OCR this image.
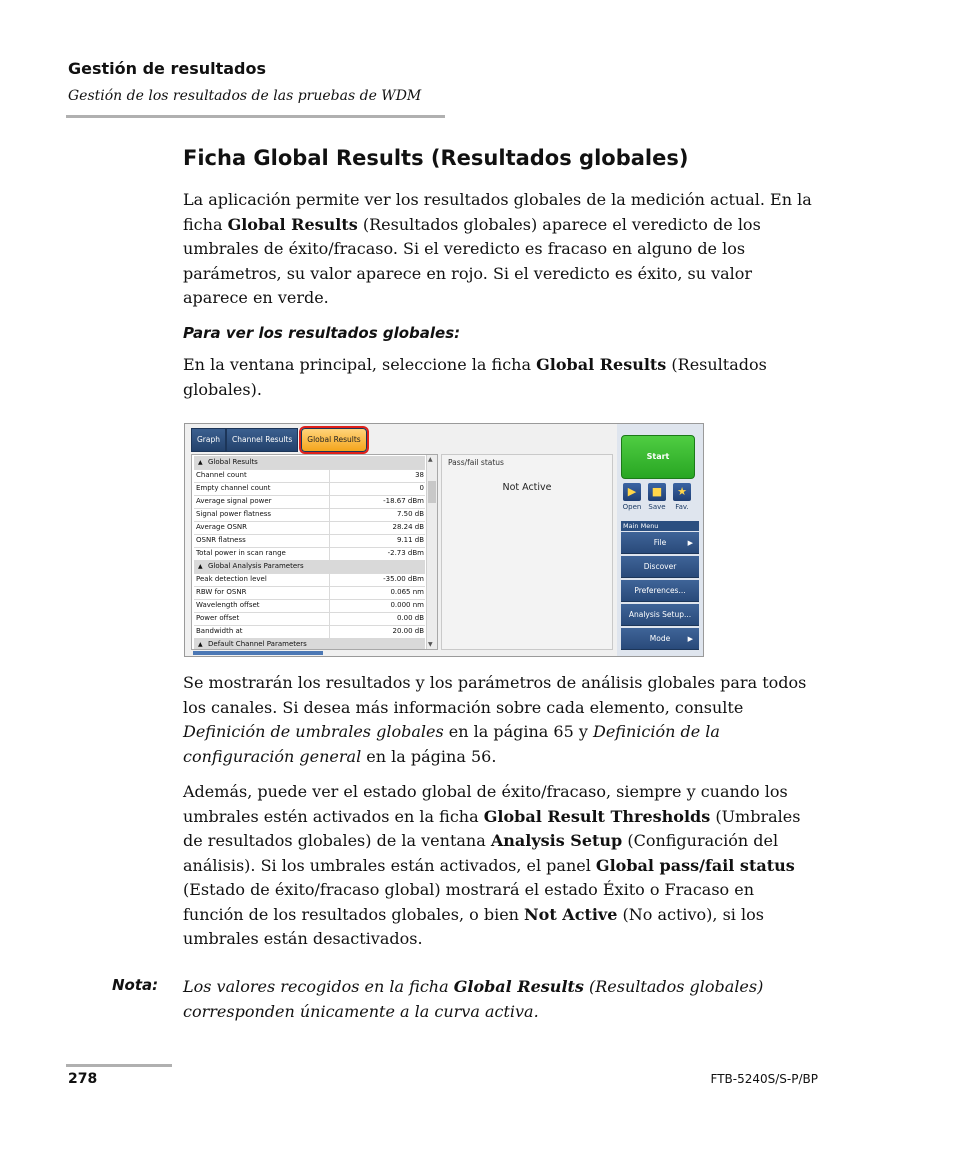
Gestión de resultados
Gestión de los resultados de las pruebas de WDM
Ficha Global Results (Resultados globales)
La aplicación permite ver los resultados globales de la medición actual. En la ficha Global Results (Resultados globales) aparece el veredicto de los umbrales de éxito/fracaso. Si el veredicto es fracaso en alguno de los parámetros, su valor aparece en rojo. Si el veredicto es éxito, su valor aparece en verde.
Para ver los resultados globales:
En la ventana principal, seleccione la ficha Global Results (Resultados globales).
Graph	Channel Results	Global Results
▲ Global Results
Channel count	38
Empty channel count	0
Average signal power	-18.67 dBm
Signal power flatness	7.50 dB
Average OSNR	28.24 dB
OSNR flatness	9.11 dB
Total power in scan range	-2.73 dBm
▲ Global Analysis Parameters
Peak detection level	-35.00 dBm
RBW for OSNR	0.065 nm
Wavelength offset	0.000 nm
Power offset	0.00 dB
Bandwidth at	20.00 dB
▲ Default Channel Parameters
▲
▼
Pass/fail status
Not Active
Start
▶
Open
■
Save
★
Fav.
Main Menu
File	▶
Discover
Preferences...
Analysis Setup...
Mode ▶
Se mostrarán los resultados y los parámetros de análisis globales para todos los canales. Si desea más información sobre cada elemento, consulte Definición de umbrales globales en la página 65 y Definición de la configuración general en la página 56.
Además, puede ver el estado global de éxito/fracaso, siempre y cuando los umbrales estén activados en la ficha Global Result Thresholds (Umbrales de resultados globales) de la ventana Analysis Setup (Configuración del análisis). Si los umbrales están activados, el panel Global pass/fail status (Estado de éxito/fracaso global) mostrará el estado Éxito o Fracaso en función de los resultados globales, o bien Not Active (No activo), si los umbrales están desactivados.
Nota: Los valores recogidos en la ficha Global Results (Resultados globales) corresponden únicamente a la curva activa.
278	FTB-5240S/S-P/BP
